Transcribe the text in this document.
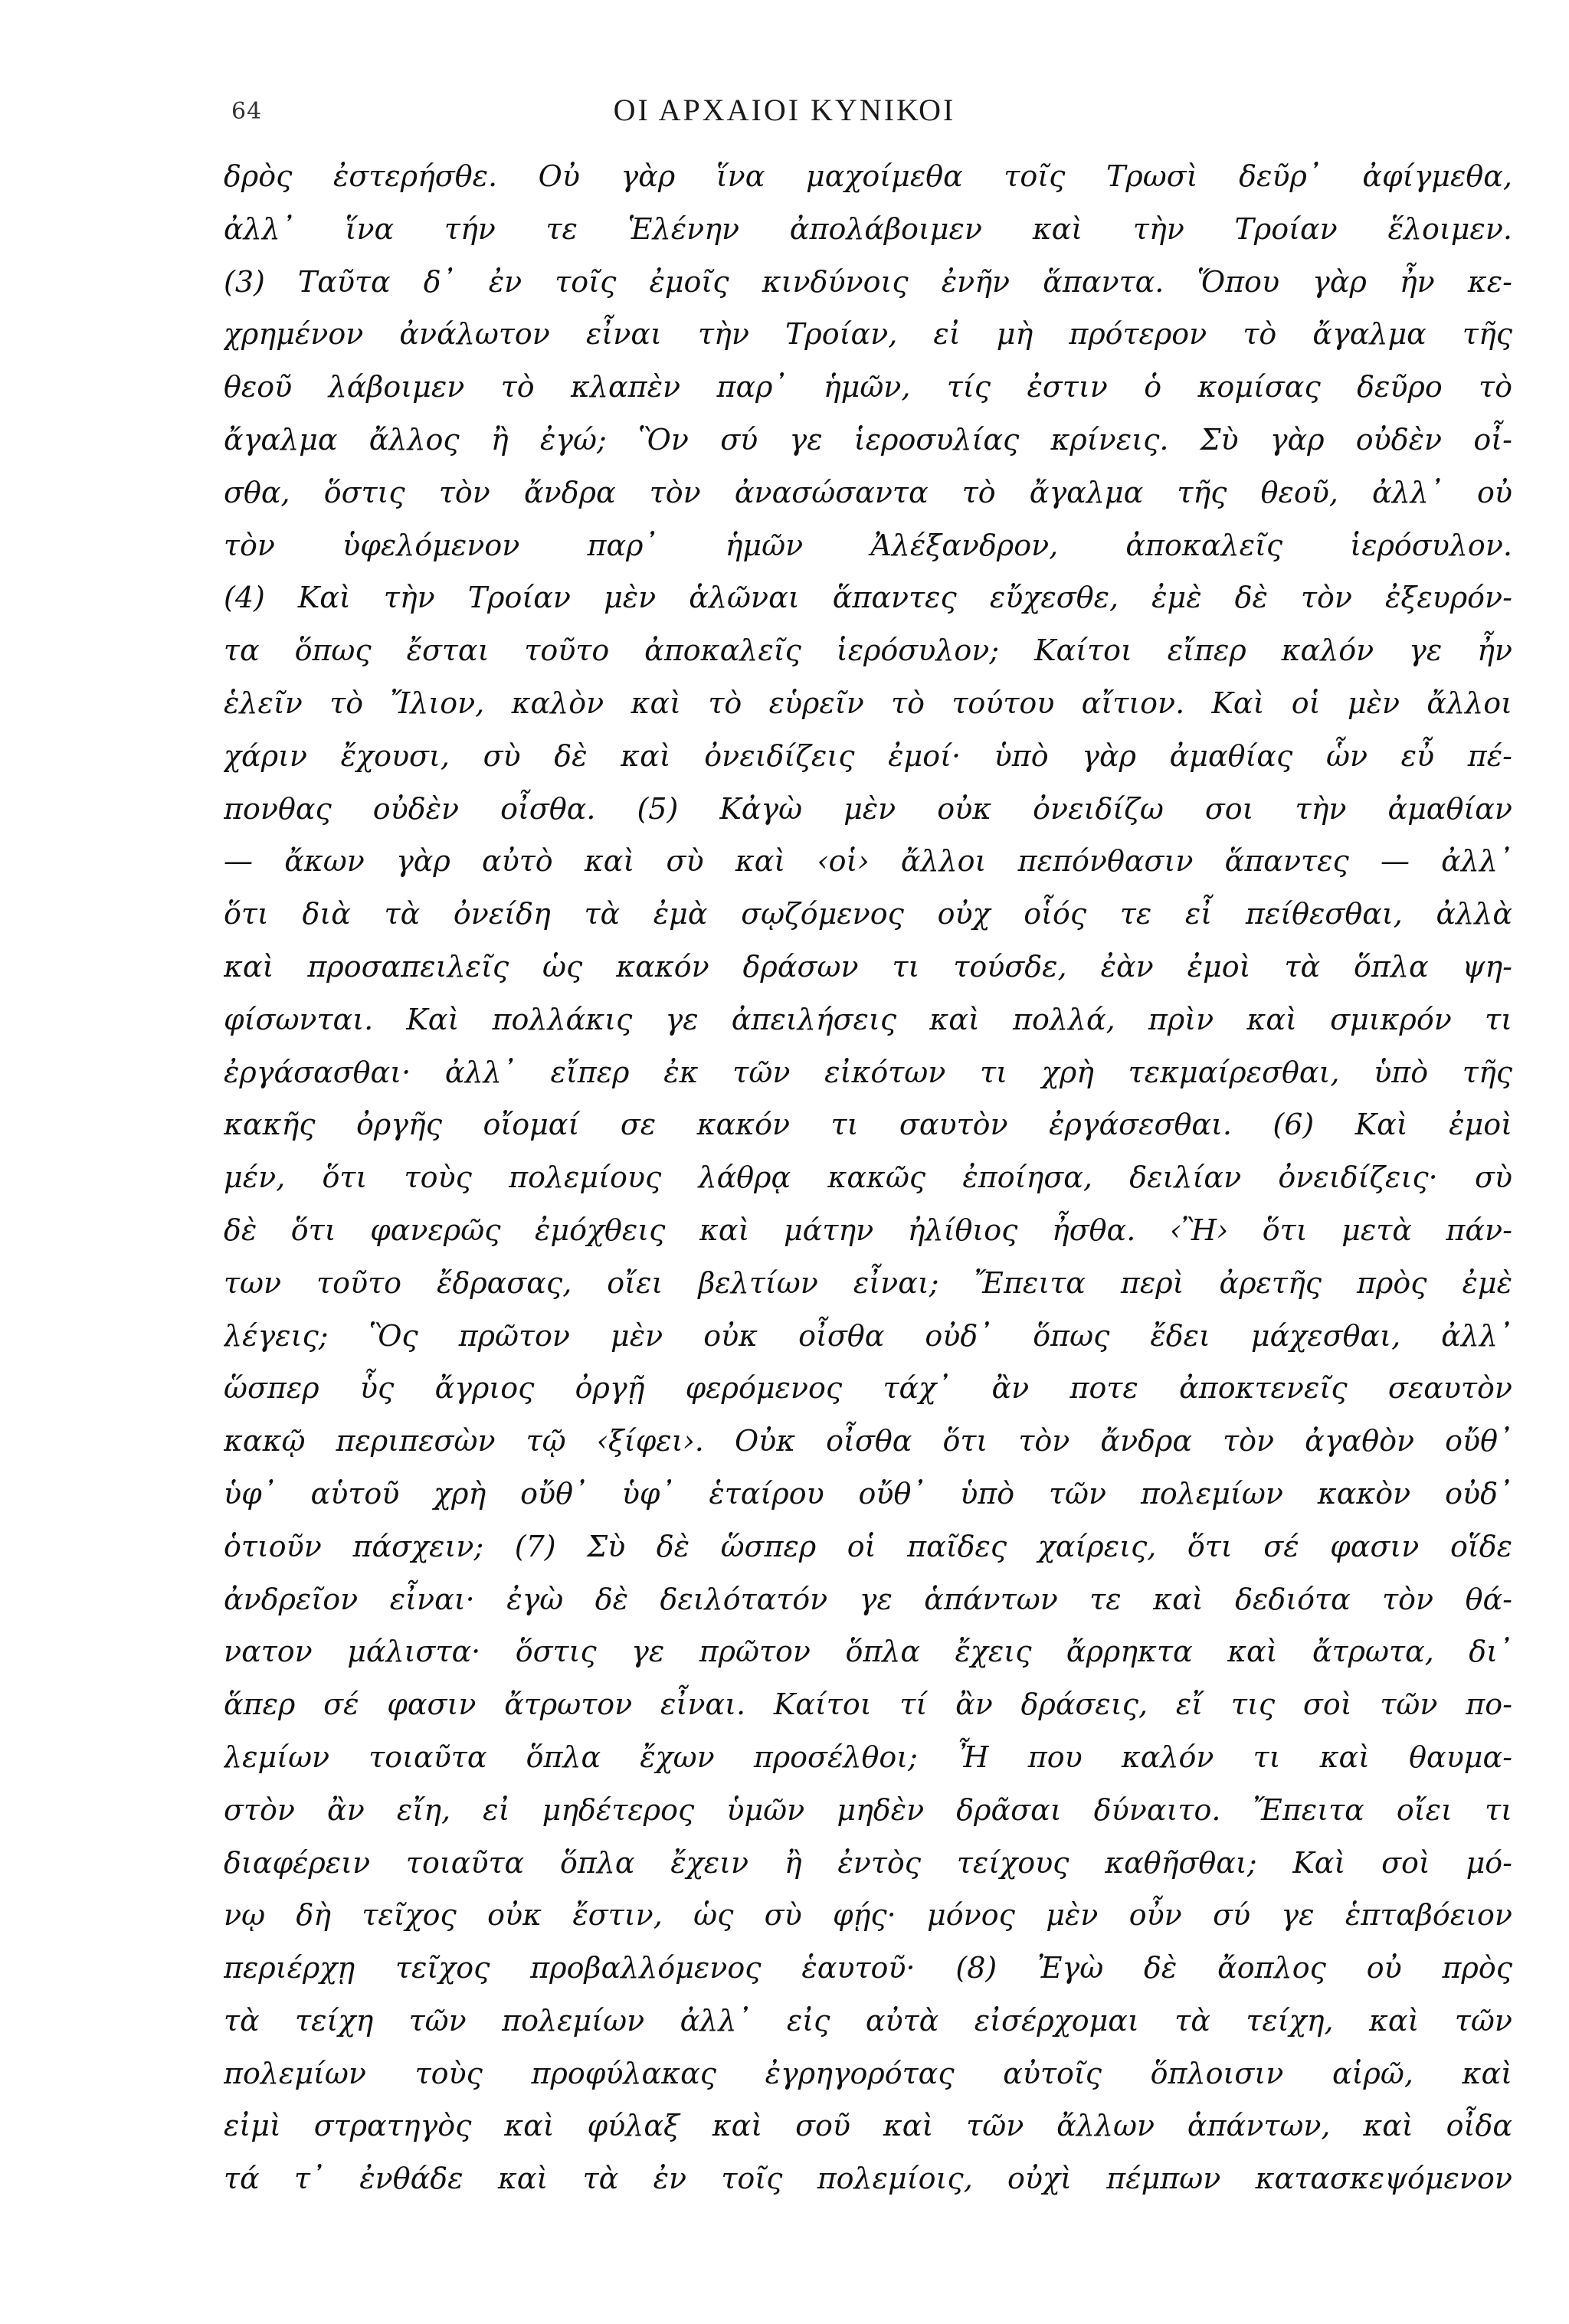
64	ΟΙ ΑΡΧΑΙΟΙ ΚΥΝΙΚΟΙ
δρὸς ἐστερήσθε. Οὐ γὰρ ἵνα μαχοίμεθα τοῖς Τρωσὶ δεῦρ᾽ ἀφίγμεθα,
ἀλλ᾽ ἵνα τήν τε Ἑλένην ἀπολάβοιμεν καὶ τὴν Τροίαν ἕλοιμεν.
(3) Ταῦτα δ᾽ ἐν τοῖς ἐμοῖς κινδύνοις ἐνῆν ἅπαντα. Ὅπου γὰρ ἦν κε-
χρημένον ἀνάλωτον εἶναι τὴν Τροίαν, εἰ μὴ πρότερον τὸ ἄγαλμα τῆς
θεοῦ λάβοιμεν τὸ κλαπὲν παρ᾽ ἡμῶν, τίς ἐστιν ὁ κομίσας δεῦρο τὸ
ἄγαλμα ἄλλος ἢ ἐγώ; Ὃν σύ γε ἱεροσυλίας κρίνεις. Σὺ γὰρ οὐδὲν οἶ-
σθα, ὅστις τὸν ἄνδρα τὸν ἀνασώσαντα τὸ ἄγαλμα τῆς θεοῦ, ἀλλ᾽ οὐ
τὸν ὑφελόμενον παρ᾽ ἡμῶν Ἀλέξανδρον, ἀποκαλεῖς ἱερόσυλον.
(4) Καὶ τὴν Τροίαν μὲν ἁλῶναι ἅπαντες εὔχεσθε, ἐμὲ δὲ τὸν ἐξευρόν-
τα ὅπως ἔσται τοῦτο ἀποκαλεῖς ἱερόσυλον; Καίτοι εἴπερ καλόν γε ἦν
ἑλεῖν τὸ Ἴλιον, καλὸν καὶ τὸ εὑρεῖν τὸ τούτου αἴτιον. Καὶ οἱ μὲν ἄλλοι
χάριν ἔχουσι, σὺ δὲ καὶ ὀνειδίζεις ἐμοί· ὑπὸ γὰρ ἀμαθίας ὧν εὖ πέ-
πονθας οὐδὲν οἶσθα. (5) Κἀγὼ μὲν οὐκ ὀνειδίζω σοι τὴν ἀμαθίαν
— ἄκων γὰρ αὐτὸ καὶ σὺ καὶ ‹οἱ› ἄλλοι πεπόνθασιν ἅπαντες — ἀλλ᾽
ὅτι διὰ τὰ ὀνείδη τὰ ἐμὰ σῳζόμενος οὐχ οἷός τε εἶ πείθεσθαι, ἀλλὰ
καὶ προσαπειλεῖς ὡς κακόν δράσων τι τούσδε, ἐὰν ἐμοὶ τὰ ὅπλα ψη-
φίσωνται. Καὶ πολλάκις γε ἀπειλήσεις καὶ πολλά, πρὶν καὶ σμικρόν τι
ἐργάσασθαι· ἀλλ᾽ εἴπερ ἐκ τῶν εἰκότων τι χρὴ τεκμαίρεσθαι, ὑπὸ τῆς
κακῆς ὀργῆς οἴομαί σε κακόν τι σαυτὸν ἐργάσεσθαι. (6) Καὶ ἐμοὶ
μέν, ὅτι τοὺς πολεμίους λάθρᾳ κακῶς ἐποίησα, δειλίαν ὀνειδίζεις· σὺ
δὲ ὅτι φανερῶς ἐμόχθεις καὶ μάτην ἠλίθιος ἦσθα. ‹Ἢ› ὅτι μετὰ πάν-
των τοῦτο ἔδρασας, οἴει βελτίων εἶναι; Ἔπειτα περὶ ἀρετῆς πρὸς ἐμὲ
λέγεις; Ὃς πρῶτον μὲν οὐκ οἶσθα οὐδ᾽ ὅπως ἔδει μάχεσθαι, ἀλλ᾽
ὥσπερ ὗς ἄγριος ὀργῇ φερόμενος τάχ᾽ ἂν ποτε ἀποκτενεῖς σεαυτὸν
κακῷ περιπεσὼν τῷ ‹ξίφει›. Οὐκ οἶσθα ὅτι τὸν ἄνδρα τὸν ἀγαθὸν οὔθ᾽
ὑφ᾽ αὑτοῦ χρὴ οὔθ᾽ ὑφ᾽ ἑταίρου οὔθ᾽ ὑπὸ τῶν πολεμίων κακὸν οὐδ᾽
ὁτιοῦν πάσχειν; (7) Σὺ δὲ ὥσπερ οἱ παῖδες χαίρεις, ὅτι σέ φασιν οἵδε
ἀνδρεῖον εἶναι· ἐγὼ δὲ δειλότατόν γε ἁπάντων τε καὶ δεδιότα τὸν θά-
νατον μάλιστα· ὅστις γε πρῶτον ὅπλα ἔχεις ἄρρηκτα καὶ ἄτρωτα, δι᾽
ἅπερ σέ φασιν ἄτρωτον εἶναι. Καίτοι τί ἂν δράσεις, εἴ τις σοὶ τῶν πο-
λεμίων τοιαῦτα ὅπλα ἔχων προσέλθοι; Ἦ που καλόν τι καὶ θαυμα-
στὸν ἂν εἴη, εἰ μηδέτερος ὑμῶν μηδὲν δρᾶσαι δύναιτο. Ἔπειτα οἴει τι
διαφέρειν τοιαῦτα ὅπλα ἔχειν ἢ ἐντὸς τείχους καθῆσθαι; Καὶ σοὶ μό-
νῳ δὴ τεῖχος οὐκ ἔστιν, ὡς σὺ φῄς· μόνος μὲν οὖν σύ γε ἑπταβόειον
περιέρχῃ τεῖχος προβαλλόμενος ἑαυτοῦ· (8) Ἐγὼ δὲ ἄοπλος οὐ πρὸς
τὰ τείχη τῶν πολεμίων ἀλλ᾽ εἰς αὐτὰ εἰσέρχομαι τὰ τείχη, καὶ τῶν
πολεμίων τοὺς προφύλακας ἐγρηγορότας αὐτοῖς ὅπλοισιν αἱρῶ, καὶ
εἰμὶ στρατηγὸς καὶ φύλαξ καὶ σοῦ καὶ τῶν ἄλλων ἁπάντων, καὶ οἶδα
τά τ᾽ ἐνθάδε καὶ τὰ ἐν τοῖς πολεμίοις, οὐχὶ πέμπων κατασκεψόμενον
